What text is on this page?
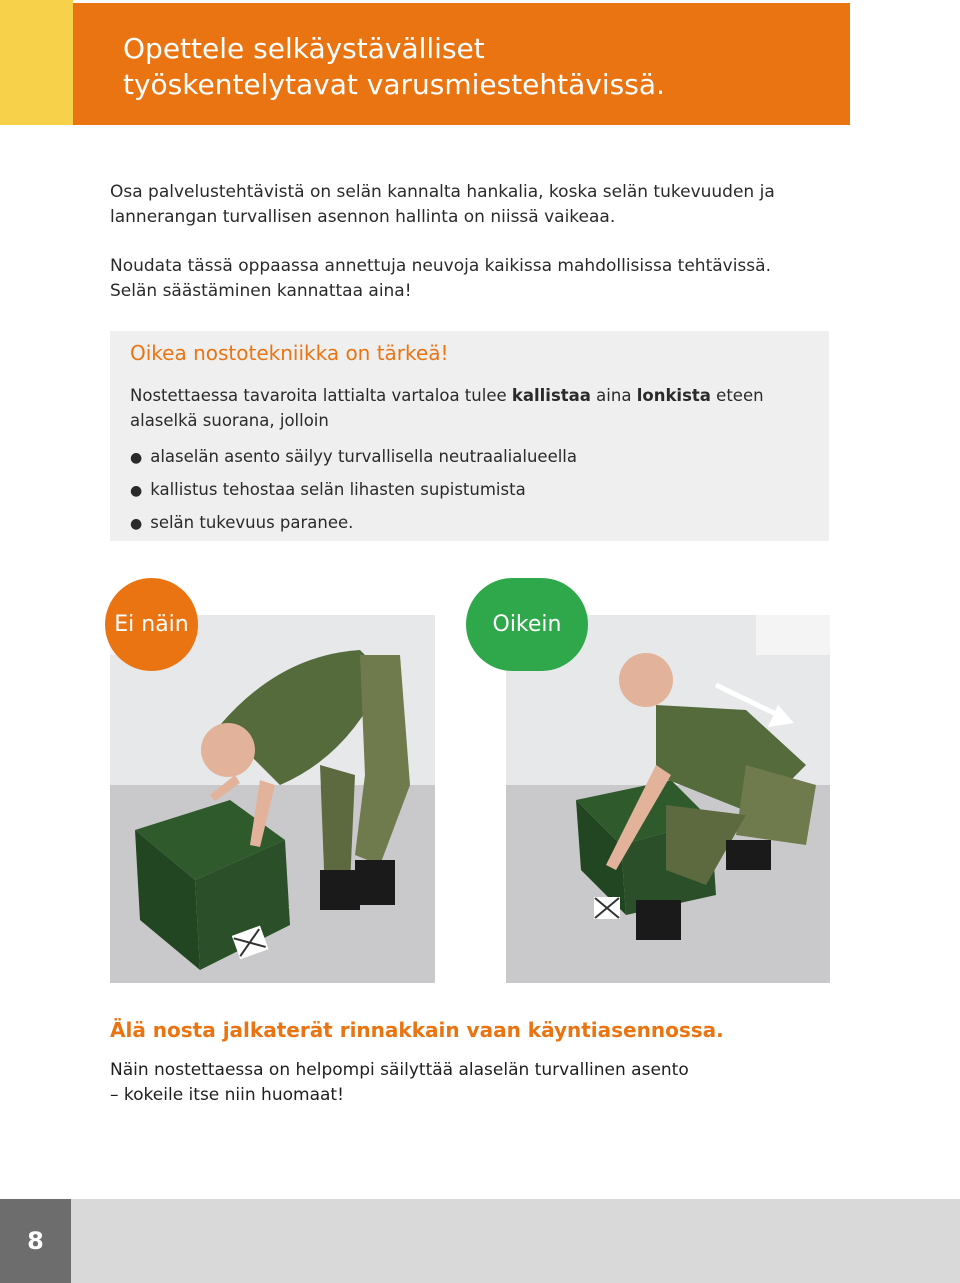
Opettele selkäystävälliset
työskentelytavat varusmiestehtävissä.

Osa palvelustehtävistä on selän kannalta hankalia, koska selän tukevuuden ja
lannerangan turvallisen asennon hallinta on niissä vaikeaa.

Noudata tässä oppaassa annettuja neuvoja kaikissa mahdollisissa tehtävissä.
Selän säästäminen kannattaa aina!

Oikea nostotekniikka on tärkeä!

Nostettaessa tavaroita lattialta vartaloa tulee kallistaa aina lonkista eteen
alaselkä suorana, jolloin

● alaselän asento säilyy turvallisella neutraalialueella
● kallistus tehostaa selän lihasten supistumista
● selän tukevuus paranee.
2008
Ei näin	Oikein
Älä nosta jalkaterät rinnakkain vaan käyntiasennossa.

Näin nostettaessa on helpompi säilyttää alaselän turvallinen asento
– kokeile itse niin huomaat!

8
